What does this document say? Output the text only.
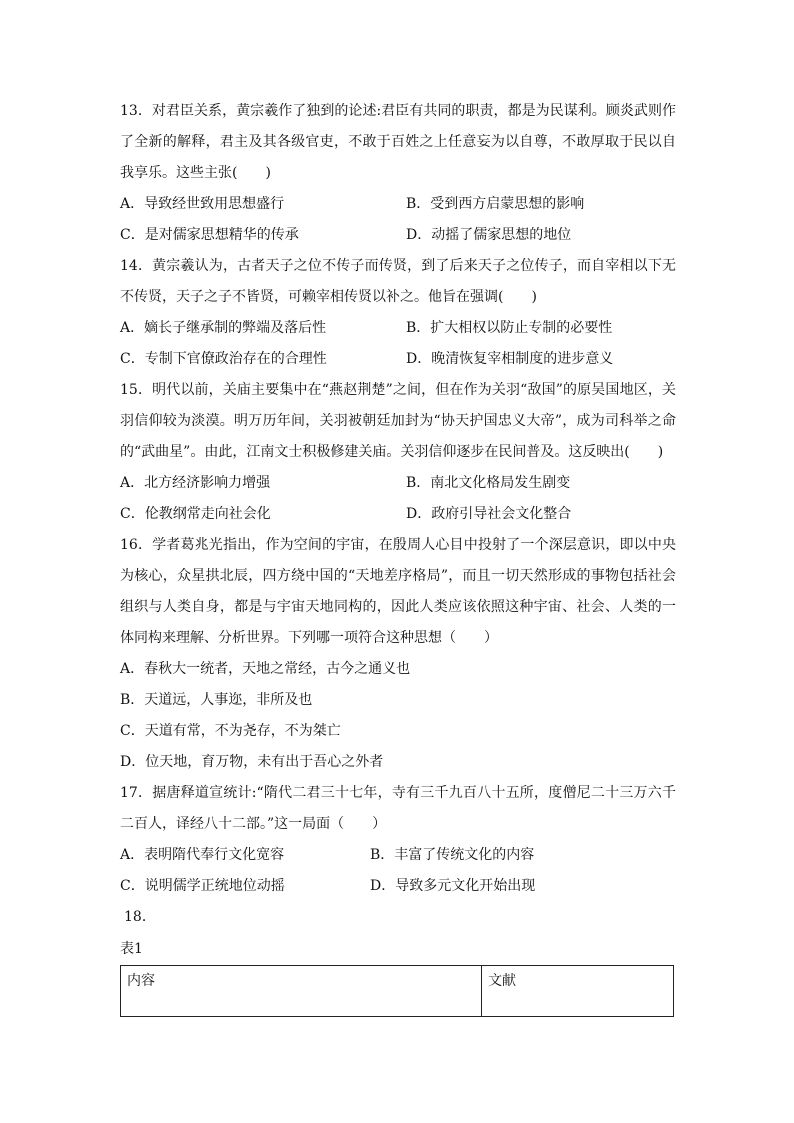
13．对君臣关系，黄宗羲作了独到的论述:君臣有共同的职责，都是为民谋利。顾炎武则作了全新的解释，君主及其各级官吏，不敢于百姓之上任意妄为以自尊，不敢厚取于民以自我享乐。这些主张(　　)

A．导致经世致用思想盛行	B．受到西方启蒙思想的影响
C．是对儒家思想精华的传承	D．动摇了儒家思想的地位

14．黄宗羲认为，古者天子之位不传子而传贤，到了后来天子之位传子，而自宰相以下无不传贤，天子之子不皆贤，可赖宰相传贤以补之。他旨在强调(　　)

A．嫡长子继承制的弊端及落后性	B．扩大相权以防止专制的必要性
C．专制下官僚政治存在的合理性	D．晚清恢复宰相制度的进步意义

15．明代以前，关庙主要集中在“燕赵荆楚”之间，但在作为关羽“敌国”的原吴国地区，关羽信仰较为淡漠。明万历年间，关羽被朝廷加封为“协天护国忠义大帝”，成为司科举之命的“武曲星”。由此，江南文士积极修建关庙。关羽信仰逐步在民间普及。这反映出(　　)

A．北方经济影响力增强	B．南北文化格局发生剧变
C．伦教纲常走向社会化	D．政府引导社会文化整合

16．学者葛兆光指出，作为空间的宇宙，在殷周人心目中投射了一个深层意识，即以中央为核心，众星拱北辰，四方绕中国的“天地差序格局”，而且一切天然形成的事物包括社会组织与人类自身，都是与宇宙天地同构的，因此人类应该依照这种宇宙、社会、人类的一体同构来理解、分析世界。下列哪一项符合这种思想（　　）

A．春秋大一统者，天地之常经，古今之通义也
B．天道远，人事迩，非所及也
C．天道有常，不为尧存，不为桀亡
D．位天地，育万物，未有出于吾心之外者

17．据唐释道宣统计:“隋代二君三十七年，寺有三千九百八十五所，度僧尼二十三万六千二百人，译经八十二部。”这一局面（　　）

A．表明隋代奉行文化宽容	B．丰富了传统文化的内容
C．说明儒学正统地位动摇	D．导致多元文化开始出现
18．
表1
内容	文献
